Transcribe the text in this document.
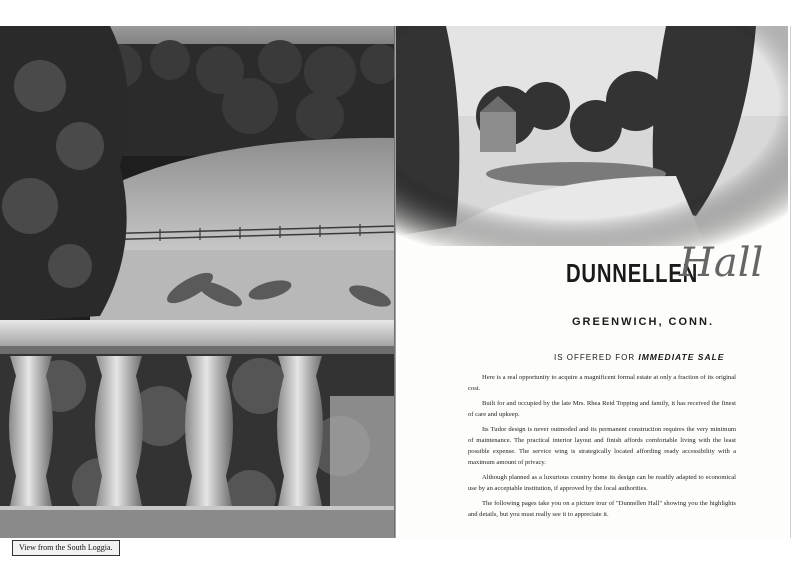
View from the South Loggia.
DUNNELLEN
Hall
GREENWICH, CONN.
IS OFFERED FOR IMMEDIATE SALE

Here is a real opportunity to acquire a magnificent formal estate at only a fraction of its original cost.

Built for and occupied by the late Mrs. Rhea Reid Topping and family, it has received the finest of care and upkeep.

Its Tudor design is never outmoded and its permanent construction requires the very minimum of maintenance. The practical interior layout and finish affords comfortable living with the least possible expense. The service wing is strategically located affording ready accessibility with a maximum amount of privacy.

Although planned as a luxurious country home its design can be readily adapted to economical use by an acceptable institution, if approved by the local authorities.

The following pages take you on a picture tour of "Dunnellen Hall" showing you the highlights and details, but you must really see it to appreciate it.
